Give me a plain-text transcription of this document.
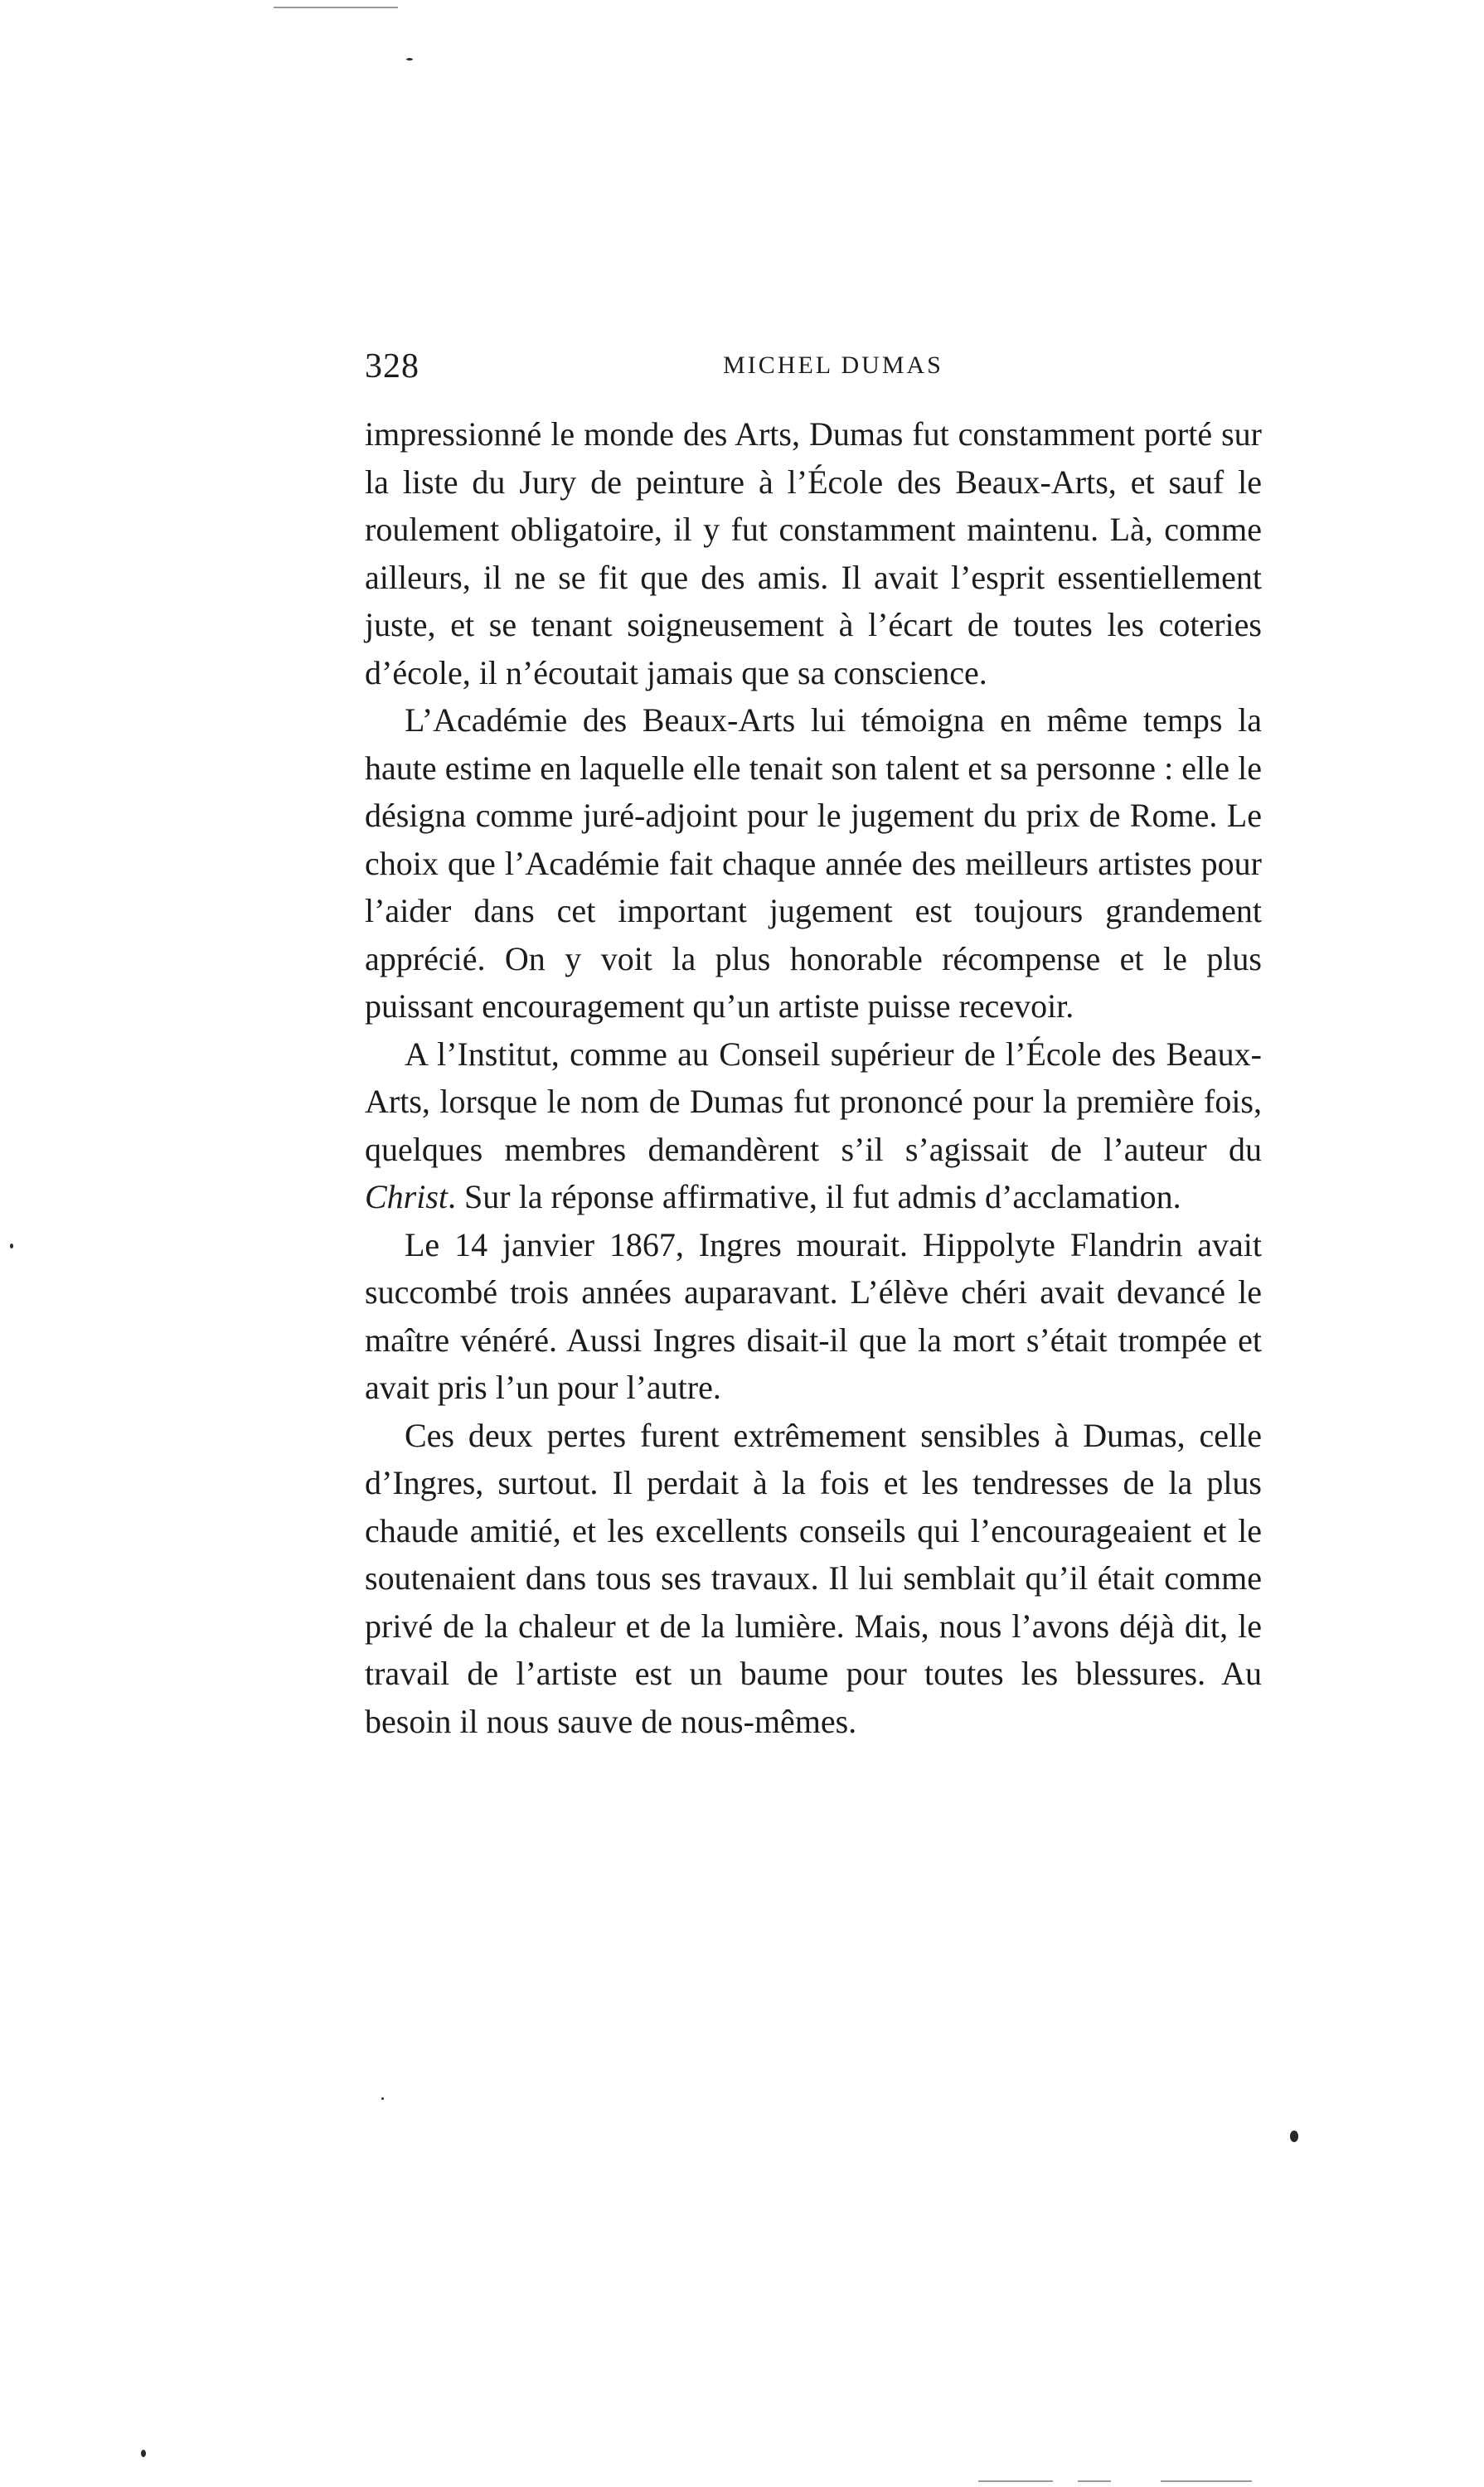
328	MICHEL DUMAS

impressionné le monde des Arts, Dumas fut constamment porté sur la liste du Jury de peinture à l’École des Beaux-Arts, et sauf le roulement obligatoire, il y fut constamment maintenu. Là, comme ailleurs, il ne se fit que des amis. Il avait l’esprit essentiellement juste, et se tenant soigneusement à l’écart de toutes les coteries d’école, il n’écoutait jamais que sa conscience.

L’Académie des Beaux-Arts lui témoigna en même temps la haute estime en laquelle elle tenait son talent et sa personne : elle le désigna comme juré-adjoint pour le jugement du prix de Rome. Le choix que l’Académie fait chaque année des meilleurs artistes pour l’aider dans cet important jugement est toujours grandement apprécié. On y voit la plus honorable récompense et le plus puissant encouragement qu’un artiste puisse recevoir.

A l’Institut, comme au Conseil supérieur de l’École des Beaux-Arts, lorsque le nom de Dumas fut prononcé pour la première fois, quelques membres demandèrent s’il s’agissait de l’auteur du Christ. Sur la réponse affirmative, il fut admis d’acclamation.

Le 14 janvier 1867, Ingres mourait. Hippolyte Flandrin avait succombé trois années auparavant. L’élève chéri avait devancé le maître vénéré. Aussi Ingres disait-il que la mort s’était trompée et avait pris l’un pour l’autre.

Ces deux pertes furent extrêmement sensibles à Dumas, celle d’Ingres, surtout. Il perdait à la fois et les tendresses de la plus chaude amitié, et les excellents conseils qui l’encourageaient et le soutenaient dans tous ses travaux. Il lui semblait qu’il était comme privé de la chaleur et de la lumière. Mais, nous l’avons déjà dit, le travail de l’artiste est un baume pour toutes les blessures. Au besoin il nous sauve de nous-mêmes.
